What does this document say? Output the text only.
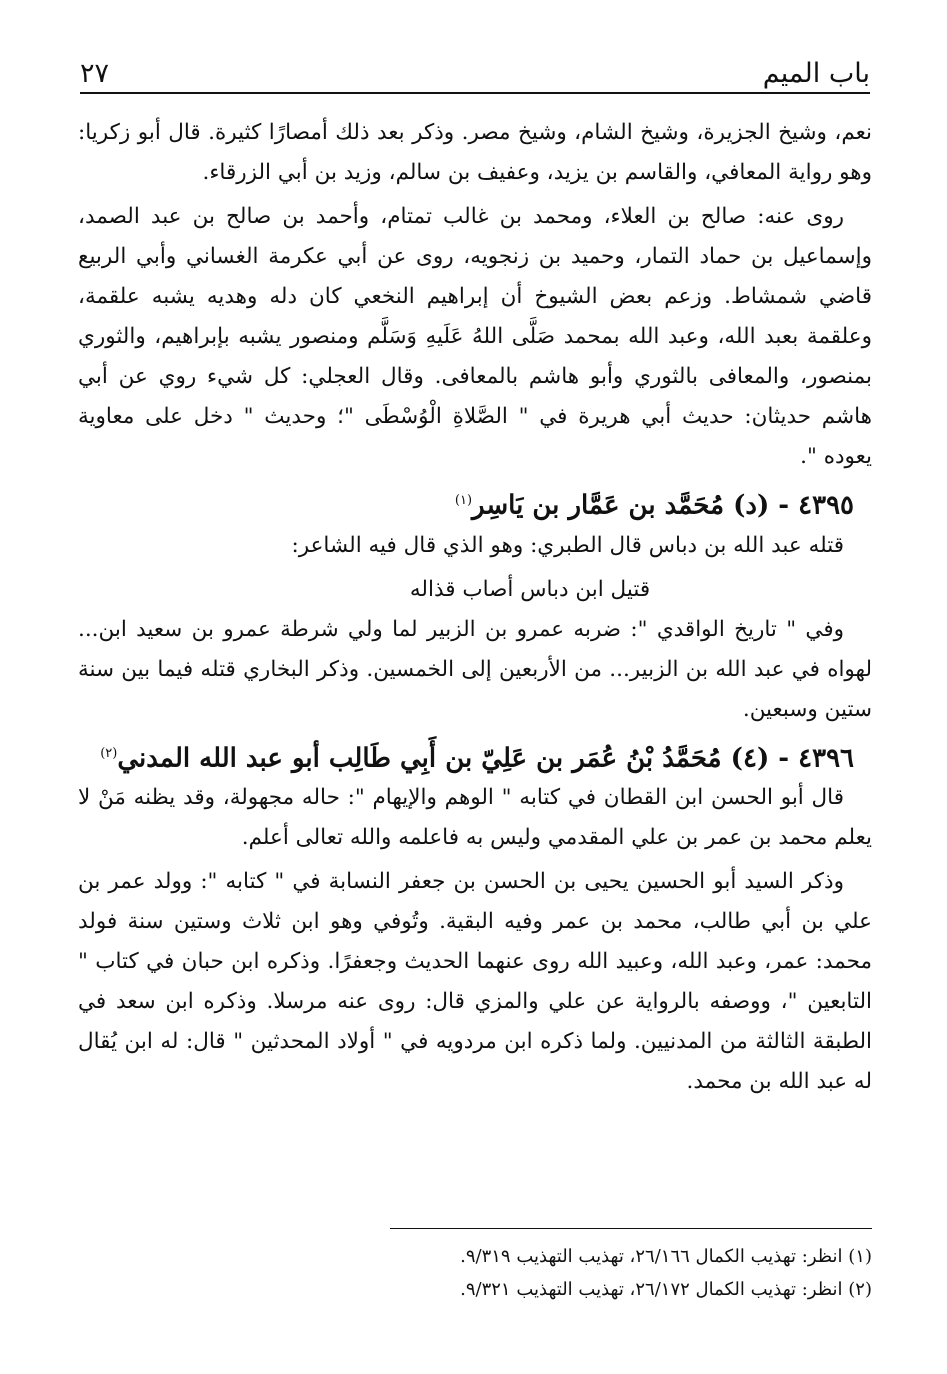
باب الميم
٢٧

نعم، وشيخ الجزيرة، وشيخ الشام، وشيخ مصر. وذكر بعد ذلك أمصارًا كثيرة. قال أبو زكريا: وهو رواية المعافي، والقاسم بن يزيد، وعفيف بن سالم، وزيد بن أبي الزرقاء.

روى عنه: صالح بن العلاء، ومحمد بن غالب تمتام، وأحمد بن صالح بن عبد الصمد، وإسماعيل بن حماد التمار، وحميد بن زنجويه، روى عن أبي عكرمة الغساني وأبي الربيع قاضي شمشاط. وزعم بعض الشيوخ أن إبراهيم النخعي كان دله وهديه يشبه علقمة، وعلقمة بعبد الله، وعبد الله بمحمد صَلَّى اللهُ عَلَيهِ وَسَلَّم ومنصور يشبه بإبراهيم، والثوري بمنصور، والمعافى بالثوري وأبو هاشم بالمعافى. وقال العجلي: كل شيء روي عن أبي هاشم حديثان: حديث أبي هريرة في " الصَّلاةِ الْوُسْطَى "؛ وحديث " دخل على معاوية يعوده ".

٤٣٩٥ - (د) مُحَمَّد بن عَمَّار بن يَاسِر$^{(١)}$

قتله عبد الله بن دباس قال الطبري: وهو الذي قال فيه الشاعر:

قتيل ابن دباس أصاب قذاله

وفي " تاريخ الواقدي ": ضربه عمرو بن الزبير لما ولي شرطة عمرو بن سعيد ابن... لهواه في عبد الله بن الزبير... من الأربعين إلى الخمسين. وذكر البخاري قتله فيما بين سنة ستين وسبعين.

٤٣٩٦ - (٤) مُحَمَّدُ بْنُ عُمَر بن عَلِيّ بن أَبِي طَالِب أبو عبد الله المدني$^{(٢)}$

قال أبو الحسن ابن القطان في كتابه " الوهم والإيهام ": حاله مجهولة، وقد يظنه مَنْ لا يعلم محمد بن عمر بن علي المقدمي وليس به فاعلمه والله تعالى أعلم.

وذكر السيد أبو الحسين يحيى بن الحسن بن جعفر النسابة في " كتابه ": وولد عمر بن علي بن أبي طالب، محمد بن عمر وفيه البقية. وتُوفي وهو ابن ثلاث وستين سنة فولد محمد: عمر، وعبد الله، وعبيد الله روى عنهما الحديث وجعفرًا. وذكره ابن حبان في كتاب " التابعين "، ووصفه بالرواية عن علي والمزي قال: روى عنه مرسلا. وذكره ابن سعد في الطبقة الثالثة من المدنيين. ولما ذكره ابن مردويه في " أولاد المحدثين " قال: له ابن يُقال له عبد الله بن محمد.

(١) انظر: تهذيب الكمال ٢٦/١٦٦، تهذيب التهذيب ٩/٣١٩.

(٢) انظر: تهذيب الكمال ٢٦/١٧٢، تهذيب التهذيب ٩/٣٢١.
